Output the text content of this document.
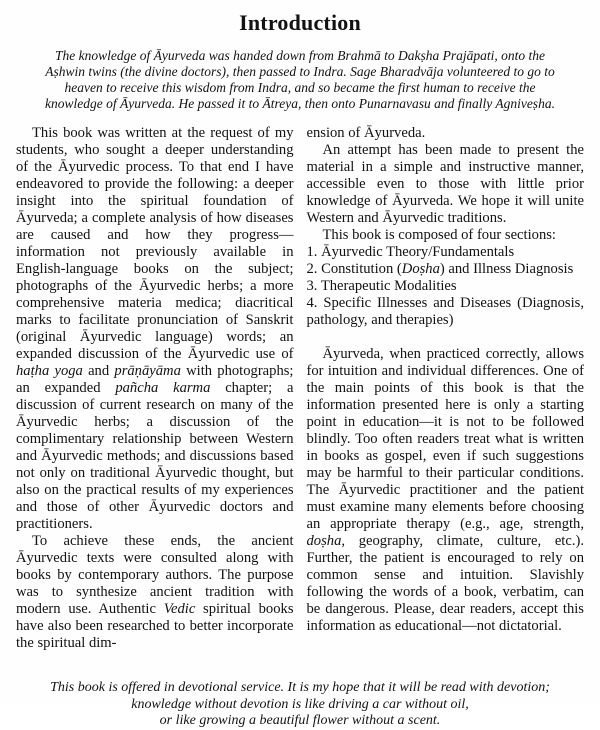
Introduction
The knowledge of Āyurveda was handed down from Brahmā to Dakṣha Prajāpati, onto the
Aṣhwin twins (the divine doctors), then passed to Indra. Sage Bharadvāja volunteered to go to
heaven to receive this wisdom from Indra, and so became the first human to receive the
knowledge of Āyurveda. He passed it to Ātreya, then onto Punarnavasu and finally Agniveṣha.

This book was written at the request of my students, who sought a deeper understanding of the Āyurvedic process. To that end I have endeavored to provide the following: a deeper insight into the spiritual foundation of Āyurveda; a complete analysis of how diseases are caused and how they progress—information not previously available in English-language books on the subject; photographs of the Āyurvedic herbs; a more comprehensive materia medica; diacritical marks to facilitate pronunciation of Sanskrit (original Āyurvedic language) words; an expanded discussion of the Āyurvedic use of haṭha yoga and prāṇāyāma with photographs; an expanded pañcha karma chapter; a discussion of current research on many of the Āyurvedic herbs; a discussion of the complimentary relationship between Western and Āyurvedic methods; and discussions based not only on traditional Āyurvedic thought, but also on the practical results of my experiences and those of other Āyurvedic doctors and practitioners.

To achieve these ends, the ancient Āyurvedic texts were consulted along with books by contemporary authors. The purpose was to synthesize ancient tradition with modern use. Authentic Vedic spiritual books have also been researched to better incorporate the spiritual dim-

ension of Āyurveda.

An attempt has been made to present the material in a simple and instructive manner, accessible even to those with little prior knowledge of Āyurveda. We hope it will unite Western and Āyurvedic traditions.

This book is composed of four sections:

1. Āyurvedic Theory/Fundamentals

2. Constitution (Doṣha) and Illness Diagnosis

3. Therapeutic Modalities

4. Specific Illnesses and Diseases (Diagnosis, pathology, and therapies)

Āyurveda, when practiced correctly, allows for intuition and individual differences. One of the main points of this book is that the information presented here is only a starting point in education—it is not to be followed blindly. Too often readers treat what is written in books as gospel, even if such suggestions may be harmful to their particular conditions. The Āyurvedic practitioner and the patient must examine many elements before choosing an appropriate therapy (e.g., age, strength, doṣha, geography, climate, culture, etc.). Further, the patient is encouraged to rely on common sense and intuition. Slavishly following the words of a book, verbatim, can be dangerous. Please, dear readers, accept this information as educational—not dictatorial.

This book is offered in devotional service. It is my hope that it will be read with devotion;
knowledge without devotion is like driving a car without oil,
or like growing a beautiful flower without a scent.
